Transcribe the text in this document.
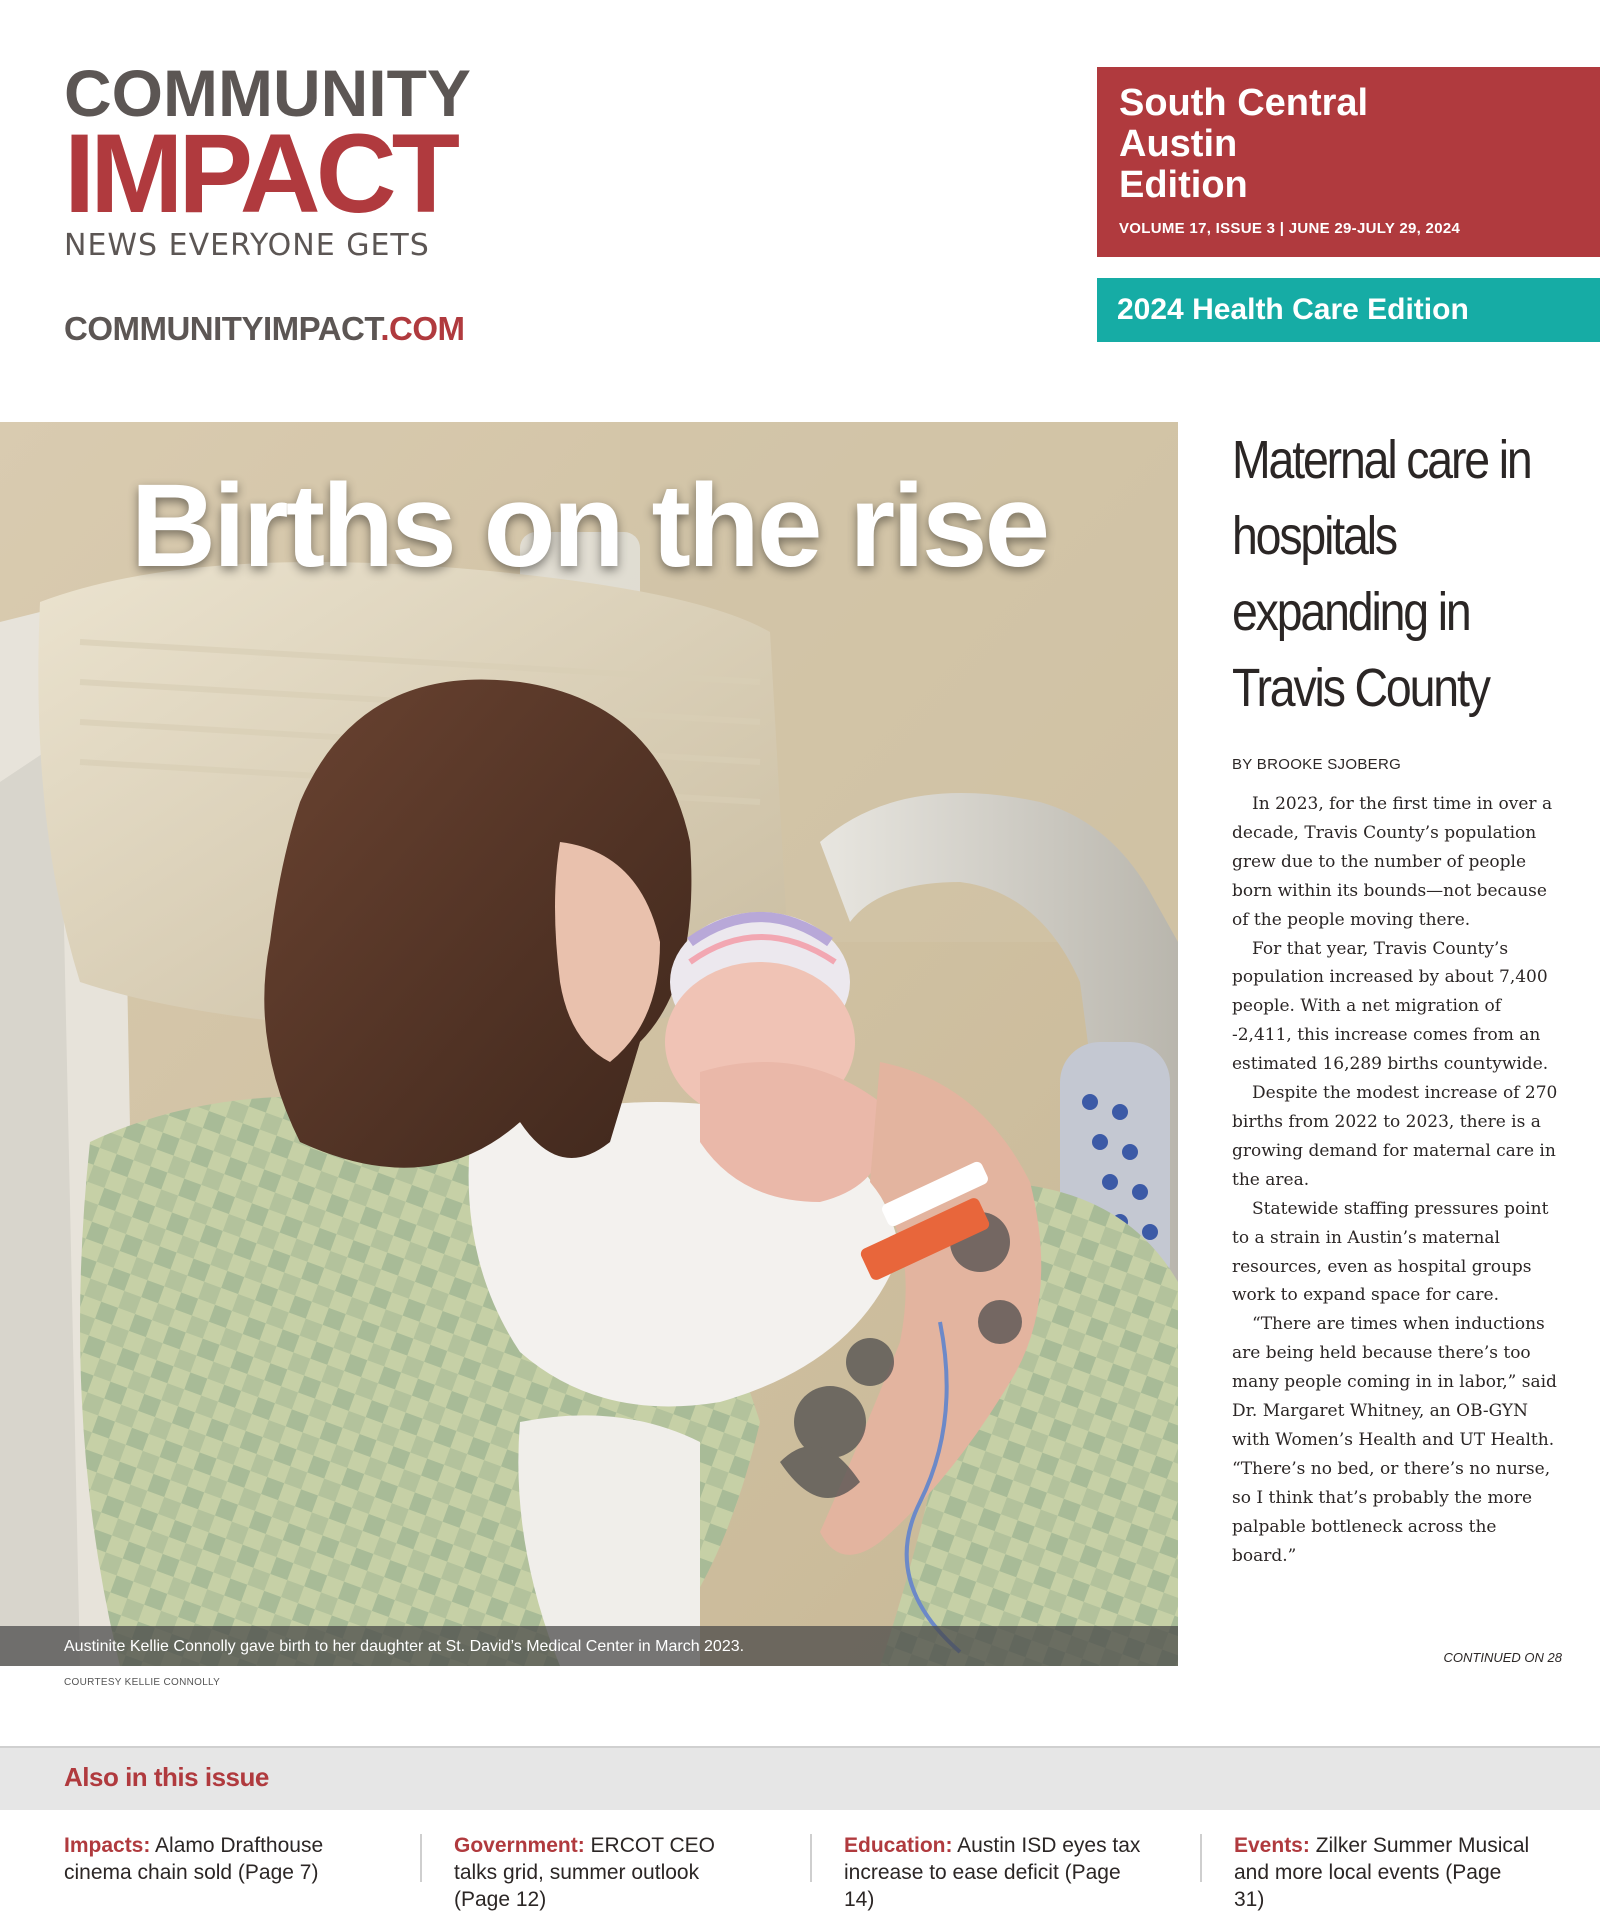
COMMUNITY
IMPACT
NEWS EVERYONE GETS
COMMUNITYIMPACT.COM
South Central
Austin
Edition
VOLUME 17, ISSUE 3 | JUNE 29-JULY 29, 2024
2024 Health Care Edition
Births on the rise
Austinite Kellie Connolly gave birth to her daughter at St. David’s Medical Center in March 2023.
COURTESY KELLIE CONNOLLY
Maternal care in hospitals expanding in Travis County
BY BROOKE SJOBERG

In 2023, for the first time in over a decade, Travis County’s population grew due to the number of people born within its bounds—not because of the people moving there.

For that year, Travis County’s population increased by about 7,400 people. With a net migration of -2,411, this increase comes from an estimated 16,289 births countywide.

Despite the modest increase of 270 births from 2022 to 2023, there is a growing demand for maternal care in the area.

Statewide staffing pressures point to a strain in Austin’s maternal resources, even as hospital groups work to expand space for care.

“There are times when inductions are being held because there’s too many people coming in in labor,” said Dr. Margaret Whitney, an OB-GYN with Women’s Health and UT Health. “There’s no bed, or there’s no nurse, so I think that’s probably the more palpable bottleneck across the board.”

CONTINUED ON 28
Also in this issue
Impacts: Alamo Drafthouse cinema chain sold (Page 7)
Government: ERCOT CEO talks grid, summer outlook (Page 12)
Education: Austin ISD eyes tax increase to ease deficit (Page 14)
Events: Zilker Summer Musical and more local events (Page 31)
